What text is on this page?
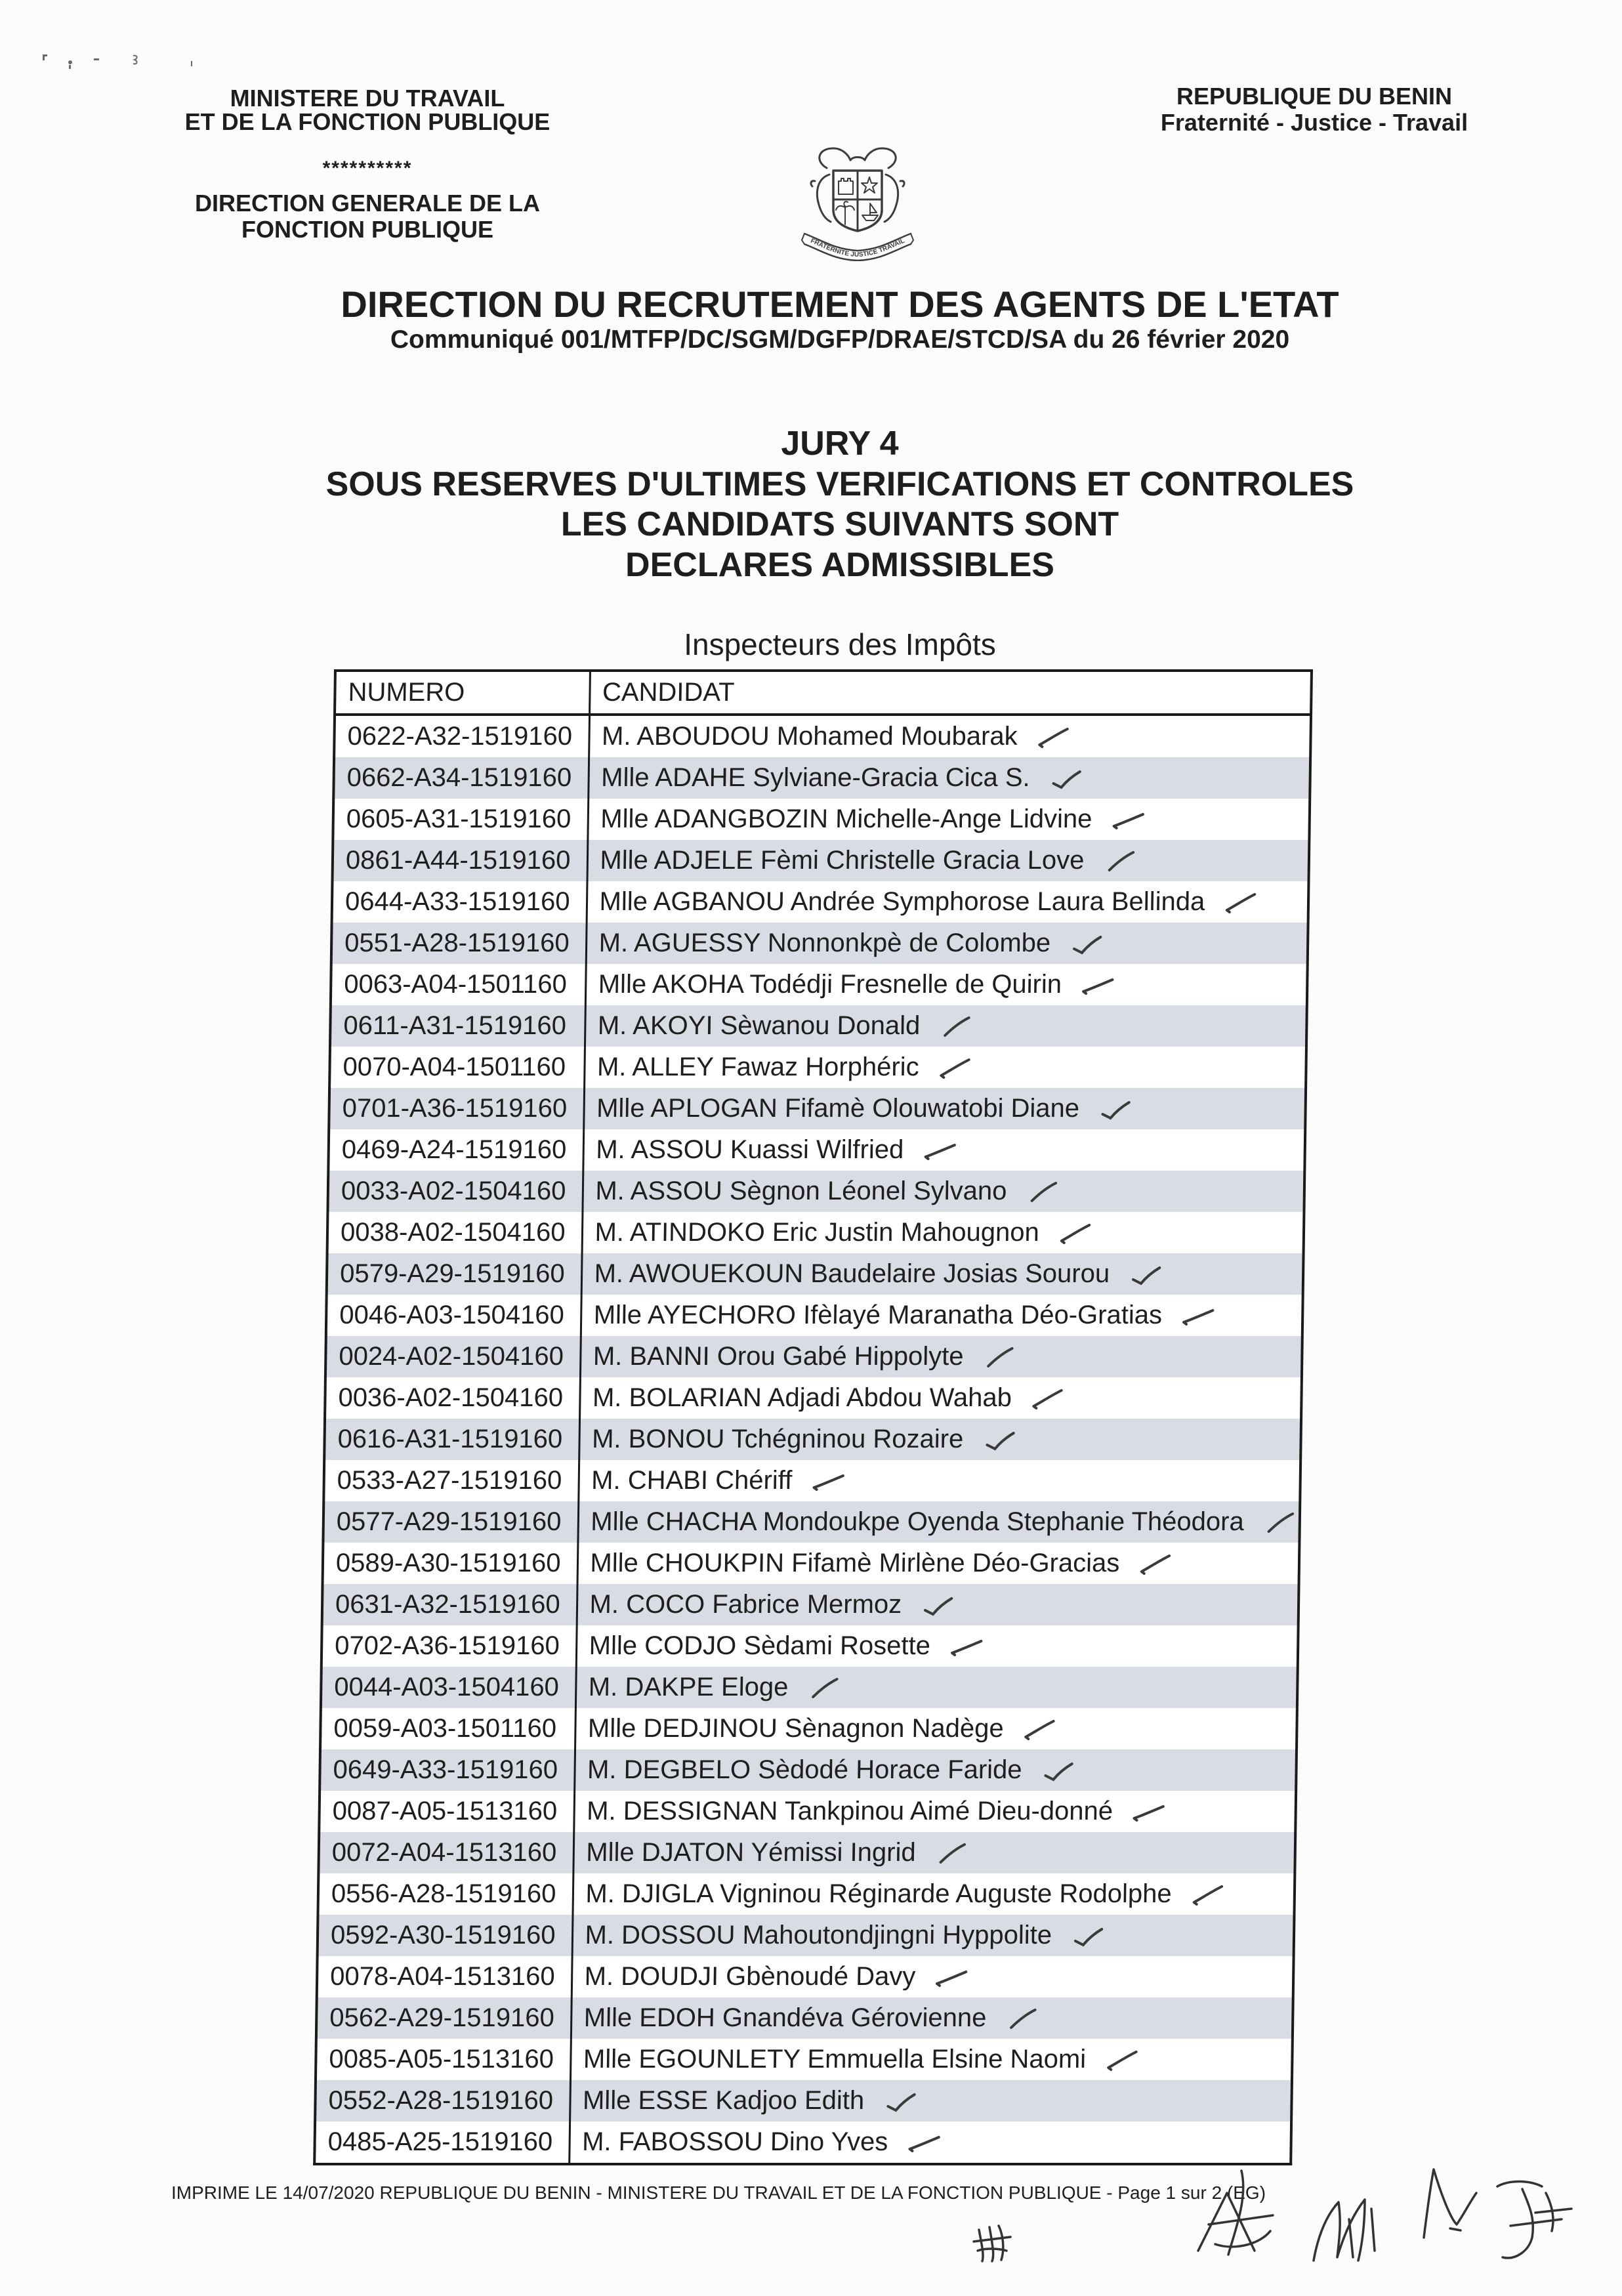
MINISTERE DU TRAVAIL
ET DE LA FONCTION PUBLIQUE
**********
DIRECTION GENERALE DE LA
FONCTION PUBLIQUE
REPUBLIQUE DU BENIN
Fraternité - Justice - Travail
FRATERNITE JUSTICE TRAVAIL
DIRECTION DU RECRUTEMENT DES AGENTS DE L'ETAT
Communiqué 001/MTFP/DC/SGM/DGFP/DRAE/STCD/SA du 26 février 2020
JURY 4
SOUS RESERVES D'ULTIMES VERIFICATIONS ET CONTROLES
LES CANDIDATS SUIVANTS SONT
DECLARES ADMISSIBLES
Inspecteurs des Impôts
NUMERO	CANDIDAT
0622-A32-1519160	M. ABOUDOU Mohamed Moubarak
0662-A34-1519160	Mlle ADAHE Sylviane-Gracia Cica S.
0605-A31-1519160	Mlle ADANGBOZIN Michelle-Ange Lidvine
0861-A44-1519160	Mlle ADJELE Fèmi Christelle Gracia Love
0644-A33-1519160	Mlle AGBANOU Andrée Symphorose Laura Bellinda
0551-A28-1519160	M. AGUESSY Nonnonkpè de Colombe
0063-A04-1501160	Mlle AKOHA Todédji Fresnelle de Quirin
0611-A31-1519160	M. AKOYI Sèwanou Donald
0070-A04-1501160	M. ALLEY Fawaz Horphéric
0701-A36-1519160	Mlle APLOGAN Fifamè Olouwatobi Diane
0469-A24-1519160	M. ASSOU Kuassi Wilfried
0033-A02-1504160	M. ASSOU Sègnon Léonel Sylvano
0038-A02-1504160	M. ATINDOKO Eric Justin Mahougnon
0579-A29-1519160	M. AWOUEKOUN Baudelaire Josias Sourou
0046-A03-1504160	Mlle AYECHORO Ifèlayé Maranatha Déo-Gratias
0024-A02-1504160	M. BANNI Orou Gabé Hippolyte
0036-A02-1504160	M. BOLARIAN Adjadi Abdou Wahab
0616-A31-1519160	M. BONOU Tchégninou Rozaire
0533-A27-1519160	M. CHABI Chériff
0577-A29-1519160	Mlle CHACHA Mondoukpe Oyenda Stephanie Théodora
0589-A30-1519160	Mlle CHOUKPIN Fifamè Mirlène Déo-Gracias
0631-A32-1519160	M. COCO Fabrice Mermoz
0702-A36-1519160	Mlle CODJO Sèdami Rosette
0044-A03-1504160	M. DAKPE Eloge
0059-A03-1501160	Mlle DEDJINOU Sènagnon Nadège
0649-A33-1519160	M. DEGBELO Sèdodé Horace Faride
0087-A05-1513160	M. DESSIGNAN Tankpinou Aimé Dieu-donné
0072-A04-1513160	Mlle DJATON Yémissi Ingrid
0556-A28-1519160	M. DJIGLA Vigninou Réginarde Auguste Rodolphe
0592-A30-1519160	M. DOSSOU Mahoutondjingni Hyppolite
0078-A04-1513160	M. DOUDJI Gbènoudé Davy
0562-A29-1519160	Mlle EDOH Gnandéva Gérovienne
0085-A05-1513160	Mlle EGOUNLETY Emmuella Elsine Naomi
0552-A28-1519160	Mlle ESSE Kadjoo Edith
0485-A25-1519160	M. FABOSSOU Dino Yves
IMPRIME LE 14/07/2020 REPUBLIQUE DU BENIN - MINISTERE DU TRAVAIL ET DE LA FONCTION PUBLIQUE - Page 1 sur 2 (EG)
